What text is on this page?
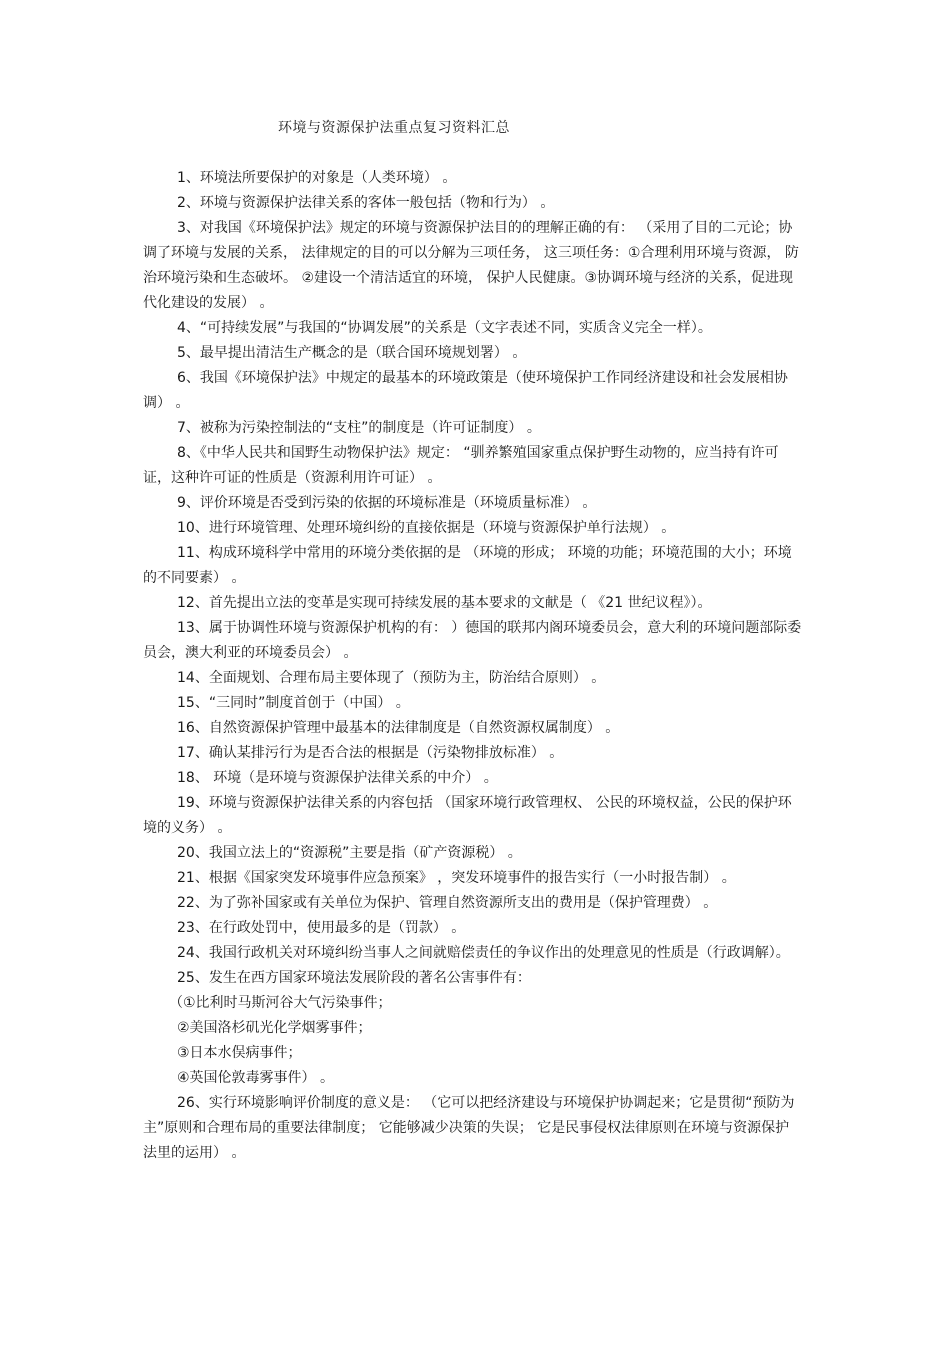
环境与资源保护法重点复习资料汇总

1、环境法所要保护的对象是（人类环境） 。

2、环境与资源保护法律关系的客体一般包括（物和行为） 。

3、对我国《环境保护法》规定的环境与资源保护法目的的理解正确的有： （采用了目的二元论；协调了环境与发展的关系， 法律规定的目的可以分解为三项任务， 这三项任务：①合理利用环境与资源， 防治环境污染和生态破坏。 ②建设一个清洁适宜的环境， 保护人民健康。③协调环境与经济的关系，促进现代化建设的发展） 。

4、“可持续发展”与我国的“协调发展”的关系是（文字表述不同，实质含义完全一样）。

5、最早提出清洁生产概念的是（联合国环境规划署） 。

6、我国《环境保护法》中规定的最基本的环境政策是（使环境保护工作同经济建设和社会发展相协调） 。

7、被称为污染控制法的“支柱”的制度是（许可证制度） 。

8、《中华人民共和国野生动物保护法》规定： “驯养繁殖国家重点保护野生动物的，应当持有许可证，这种许可证的性质是（资源利用许可证） 。

9、评价环境是否受到污染的依据的环境标准是（环境质量标准） 。

10、进行环境管理、处理环境纠纷的直接依据是（环境与资源保护单行法规） 。

11、构成环境科学中常用的环境分类依据的是 （环境的形成； 环境的功能；环境范围的大小；环境的不同要素） 。

12、首先提出立法的变革是实现可持续发展的基本要求的文献是（ 《21 世纪议程》）。

13、属于协调性环境与资源保护机构的有： ）德国的联邦内阁环境委员会，意大利的环境问题部际委员会，澳大利亚的环境委员会） 。

14、全面规划、合理布局主要体现了（预防为主，防治结合原则） 。

15、“三同时”制度首创于（中国） 。

16、自然资源保护管理中最基本的法律制度是（自然资源权属制度） 。

17、确认某排污行为是否合法的根据是（污染物排放标准） 。

18、 环境（是环境与资源保护法律关系的中介） 。

19、环境与资源保护法律关系的内容包括 （国家环境行政管理权、 公民的环境权益，公民的保护环境的义务） 。

20、我国立法上的“资源税”主要是指（矿产资源税） 。

21、根据《国家突发环境事件应急预案》 ，突发环境事件的报告实行（一小时报告制） 。

22、为了弥补国家或有关单位为保护、管理自然资源所支出的费用是（保护管理费） 。

23、在行政处罚中，使用最多的是（罚款） 。

24、我国行政机关对环境纠纷当事人之间就赔偿责任的争议作出的处理意见的性质是（行政调解）。

25、发生在西方国家环境法发展阶段的著名公害事件有：

（①比利时马斯河谷大气污染事件；

②美国洛杉矶光化学烟雾事件；

③日本水俣病事件；

④英国伦敦毒雾事件） 。

26、实行环境影响评价制度的意义是： （它可以把经济建设与环境保护协调起来；它是贯彻“预防为主”原则和合理布局的重要法律制度； 它能够减少决策的失误； 它是民事侵权法律原则在环境与资源保护法里的运用） 。
